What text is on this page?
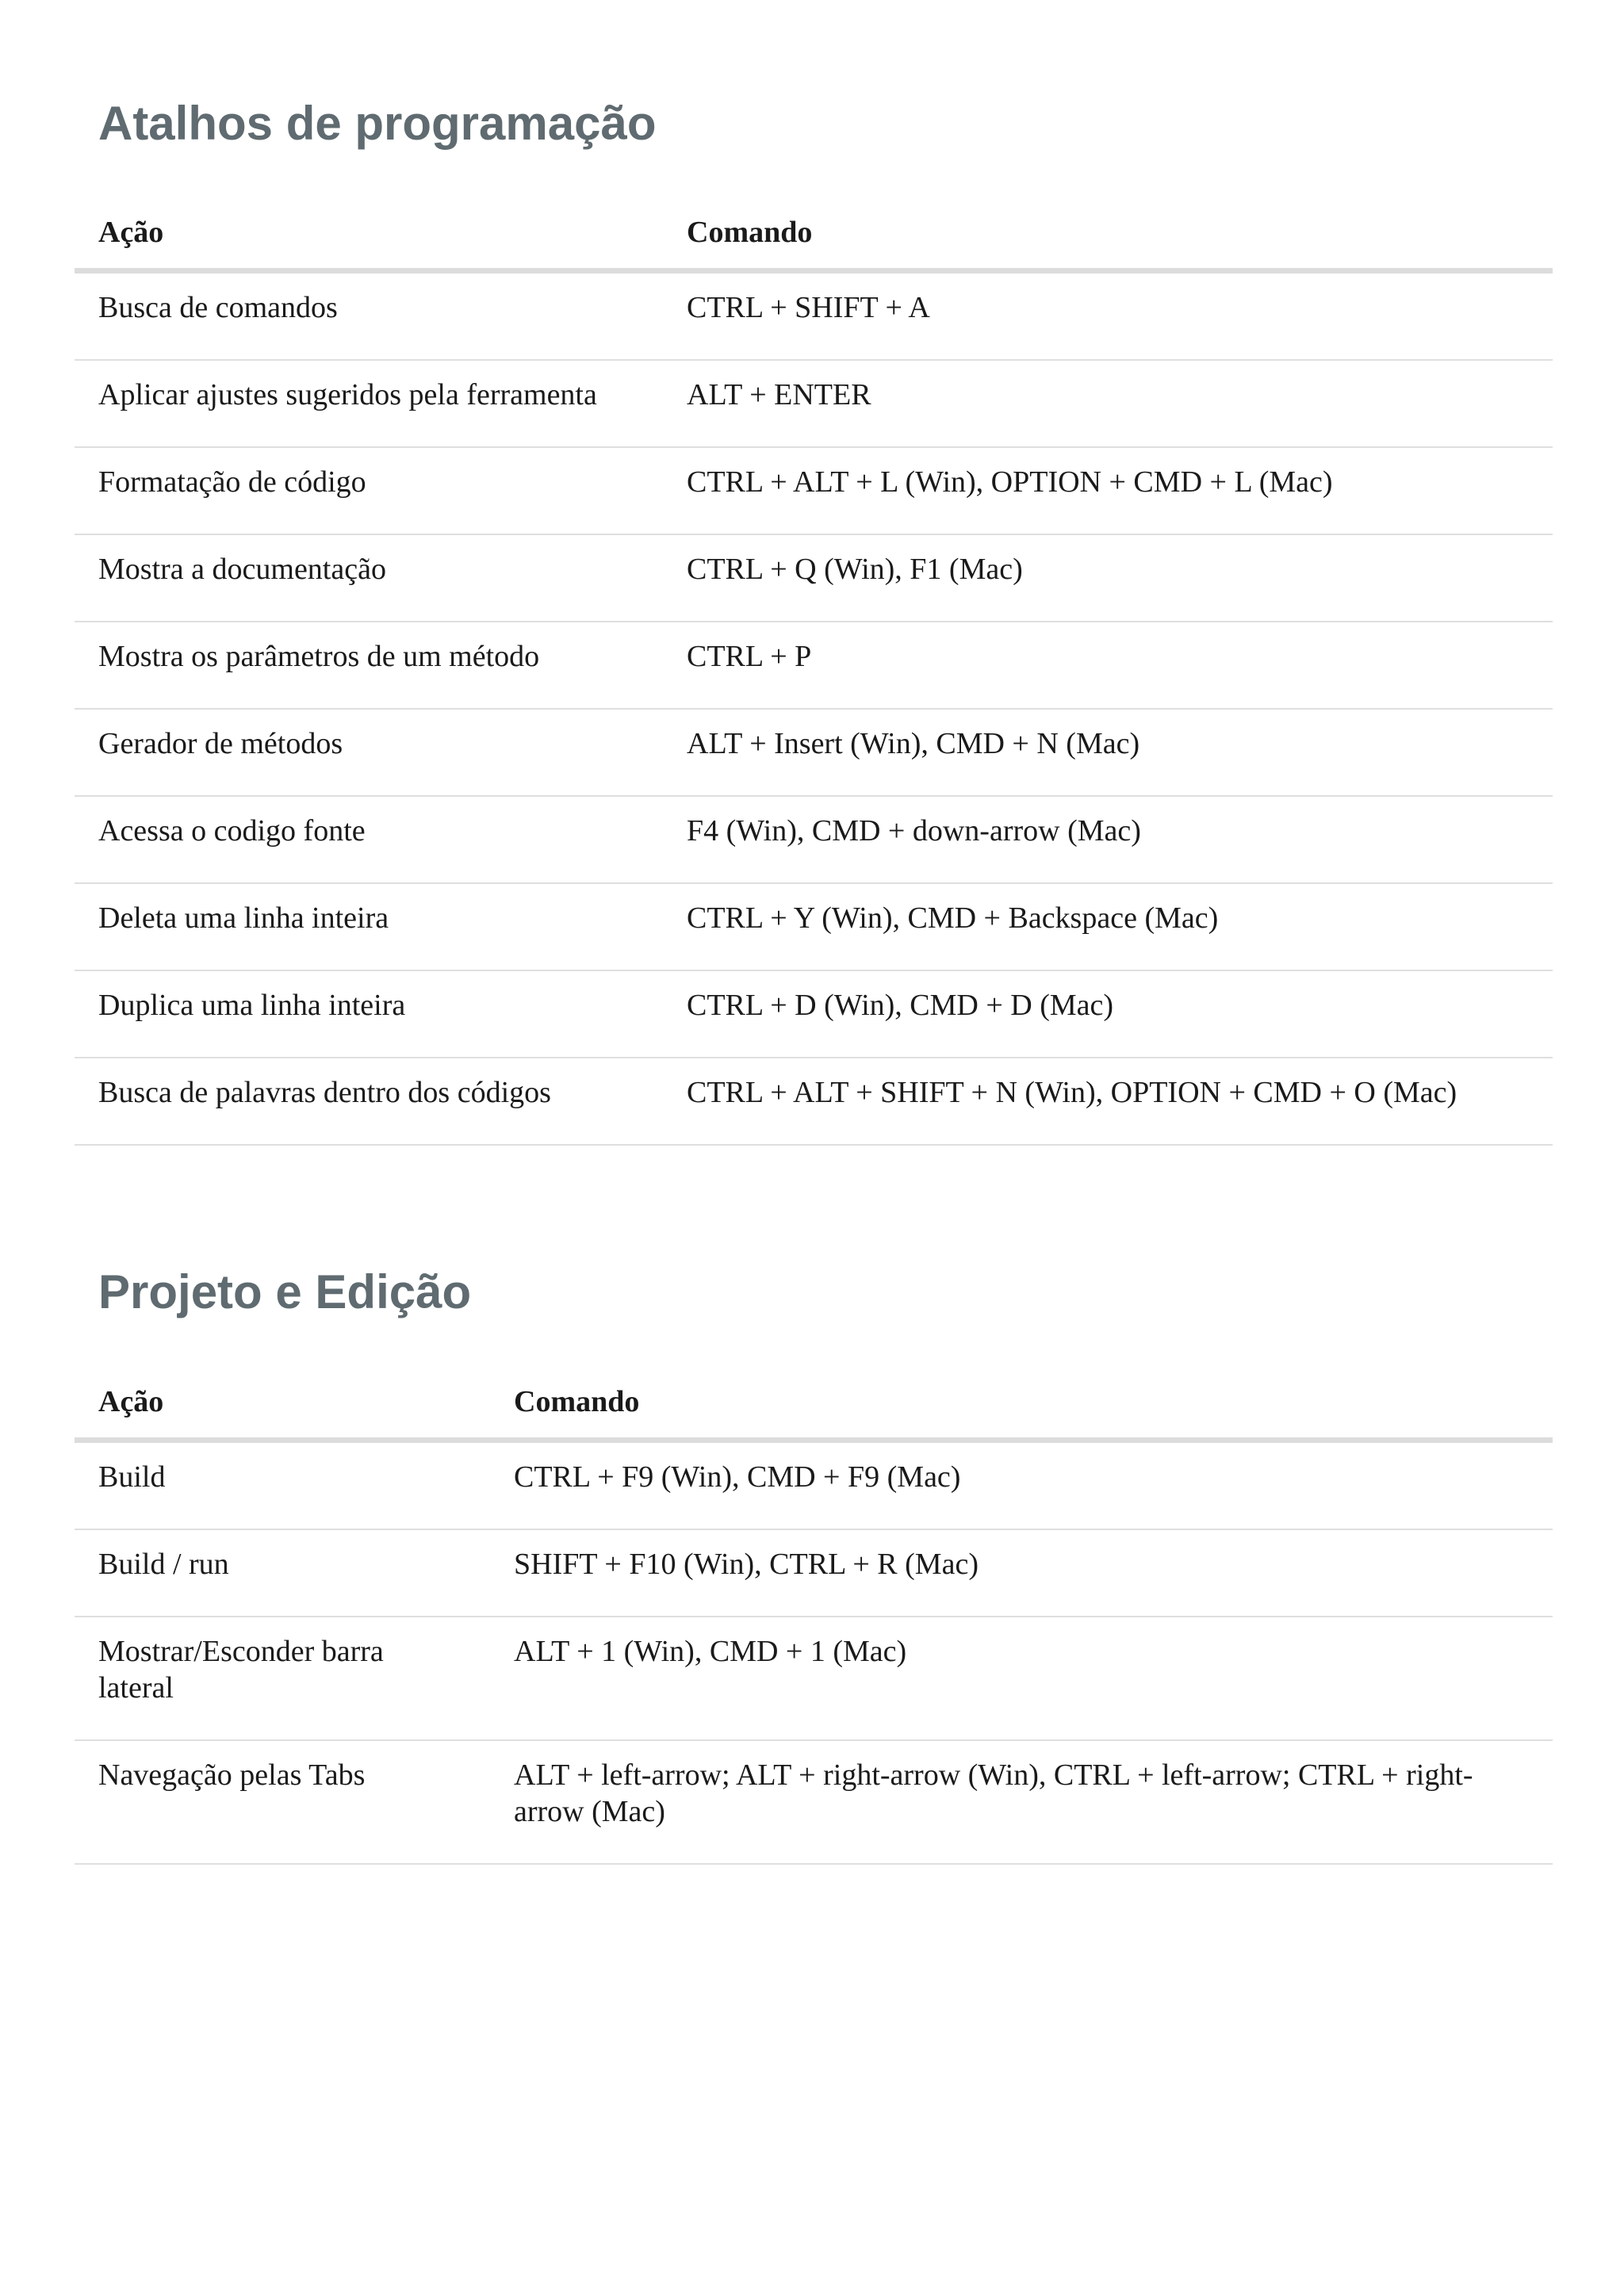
Atalhos de programação
Ação	Comando
Busca de comandos	CTRL + SHIFT + A
Aplicar ajustes sugeridos pela ferramenta	ALT + ENTER
Formatação de código	CTRL + ALT + L (Win), OPTION + CMD + L (Mac)
Mostra a documentação	CTRL + Q (Win), F1 (Mac)
Mostra os parâmetros de um método	CTRL + P
Gerador de métodos	ALT + Insert (Win), CMD + N (Mac)
Acessa o codigo fonte	F4 (Win), CMD + down-arrow (Mac)
Deleta uma linha inteira	CTRL + Y (Win), CMD + Backspace (Mac)
Duplica uma linha inteira	CTRL + D (Win), CMD + D (Mac)
Busca de palavras dentro dos códigos	CTRL + ALT + SHIFT + N (Win), OPTION + CMD + O (Mac)
Projeto e Edição
Ação	Comando
Build	CTRL + F9 (Win), CMD + F9 (Mac)
Build / run	SHIFT + F10 (Win), CTRL + R (Mac)
Mostrar/Esconder barra lateral	ALT + 1 (Win), CMD + 1 (Mac)
Navegação pelas Tabs	ALT + left-arrow; ALT + right-arrow (Win), CTRL + left-arrow; CTRL + right-arrow (Mac)
